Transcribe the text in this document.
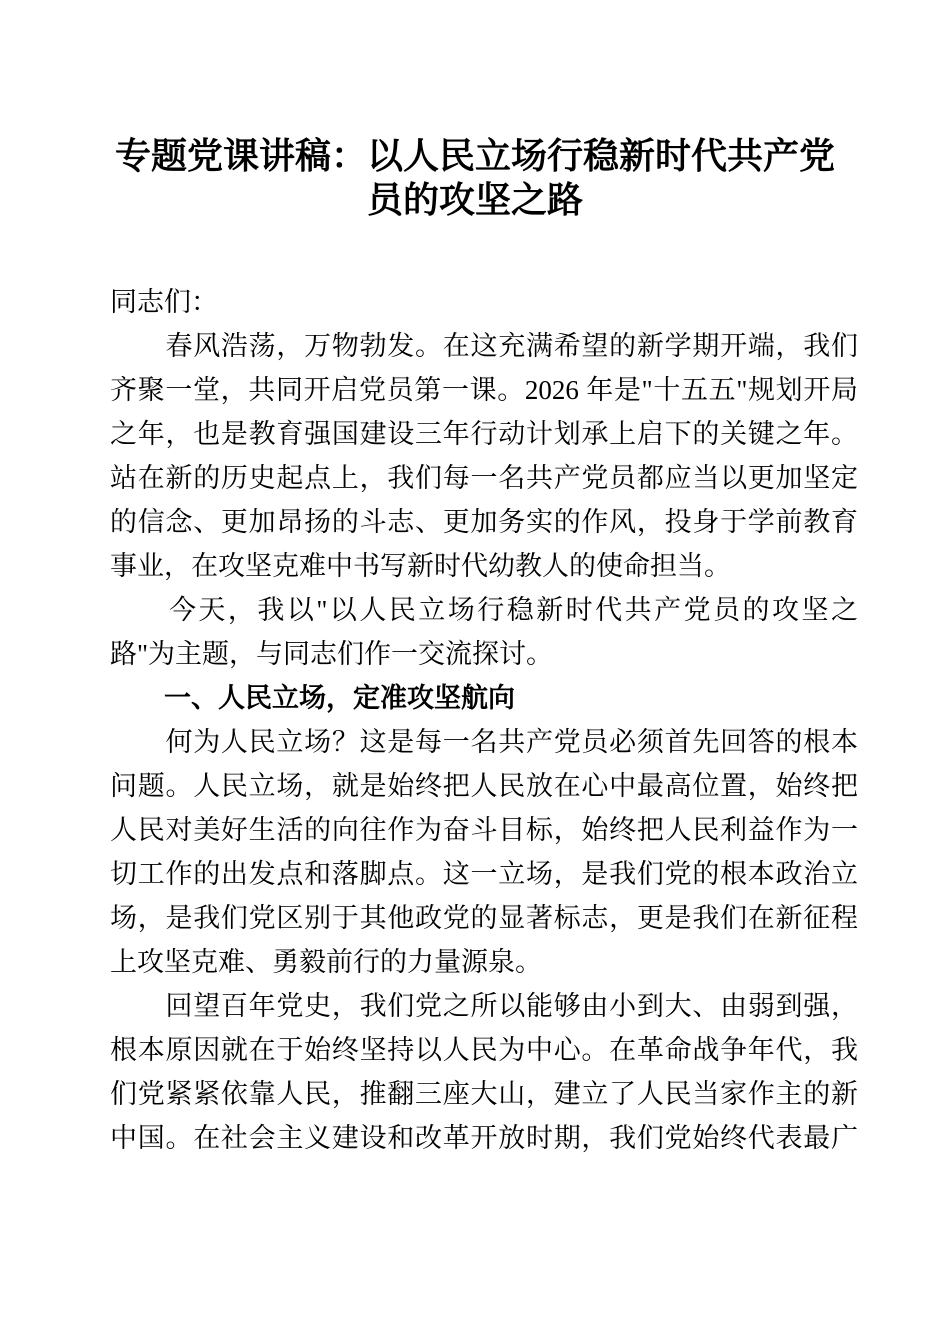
专题党课讲稿：以人民立场行稳新时代共产党
员的攻坚之路
同志们：
　　春风浩荡，万物勃发。在这充满希望的新学期开端，我们
齐聚一堂，共同开启党员第一课。2026 年是"十五五"规划开局
之年，也是教育强国建设三年行动计划承上启下的关键之年。
站在新的历史起点上，我们每一名共产党员都应当以更加坚定
的信念、更加昂扬的斗志、更加务实的作风，投身于学前教育
事业，在攻坚克难中书写新时代幼教人的使命担当。
　　今天，我以"以人民立场行稳新时代共产党员的攻坚之
路"为主题，与同志们作一交流探讨。
　　一、人民立场，定准攻坚航向
　　何为人民立场？这是每一名共产党员必须首先回答的根本
问题。人民立场，就是始终把人民放在心中最高位置，始终把
人民对美好生活的向往作为奋斗目标，始终把人民利益作为一
切工作的出发点和落脚点。这一立场，是我们党的根本政治立
场，是我们党区别于其他政党的显著标志，更是我们在新征程
上攻坚克难、勇毅前行的力量源泉。
　　回望百年党史，我们党之所以能够由小到大、由弱到强，
根本原因就在于始终坚持以人民为中心。在革命战争年代，我
们党紧紧依靠人民，推翻三座大山，建立了人民当家作主的新
中国。在社会主义建设和改革开放时期，我们党始终代表最广
